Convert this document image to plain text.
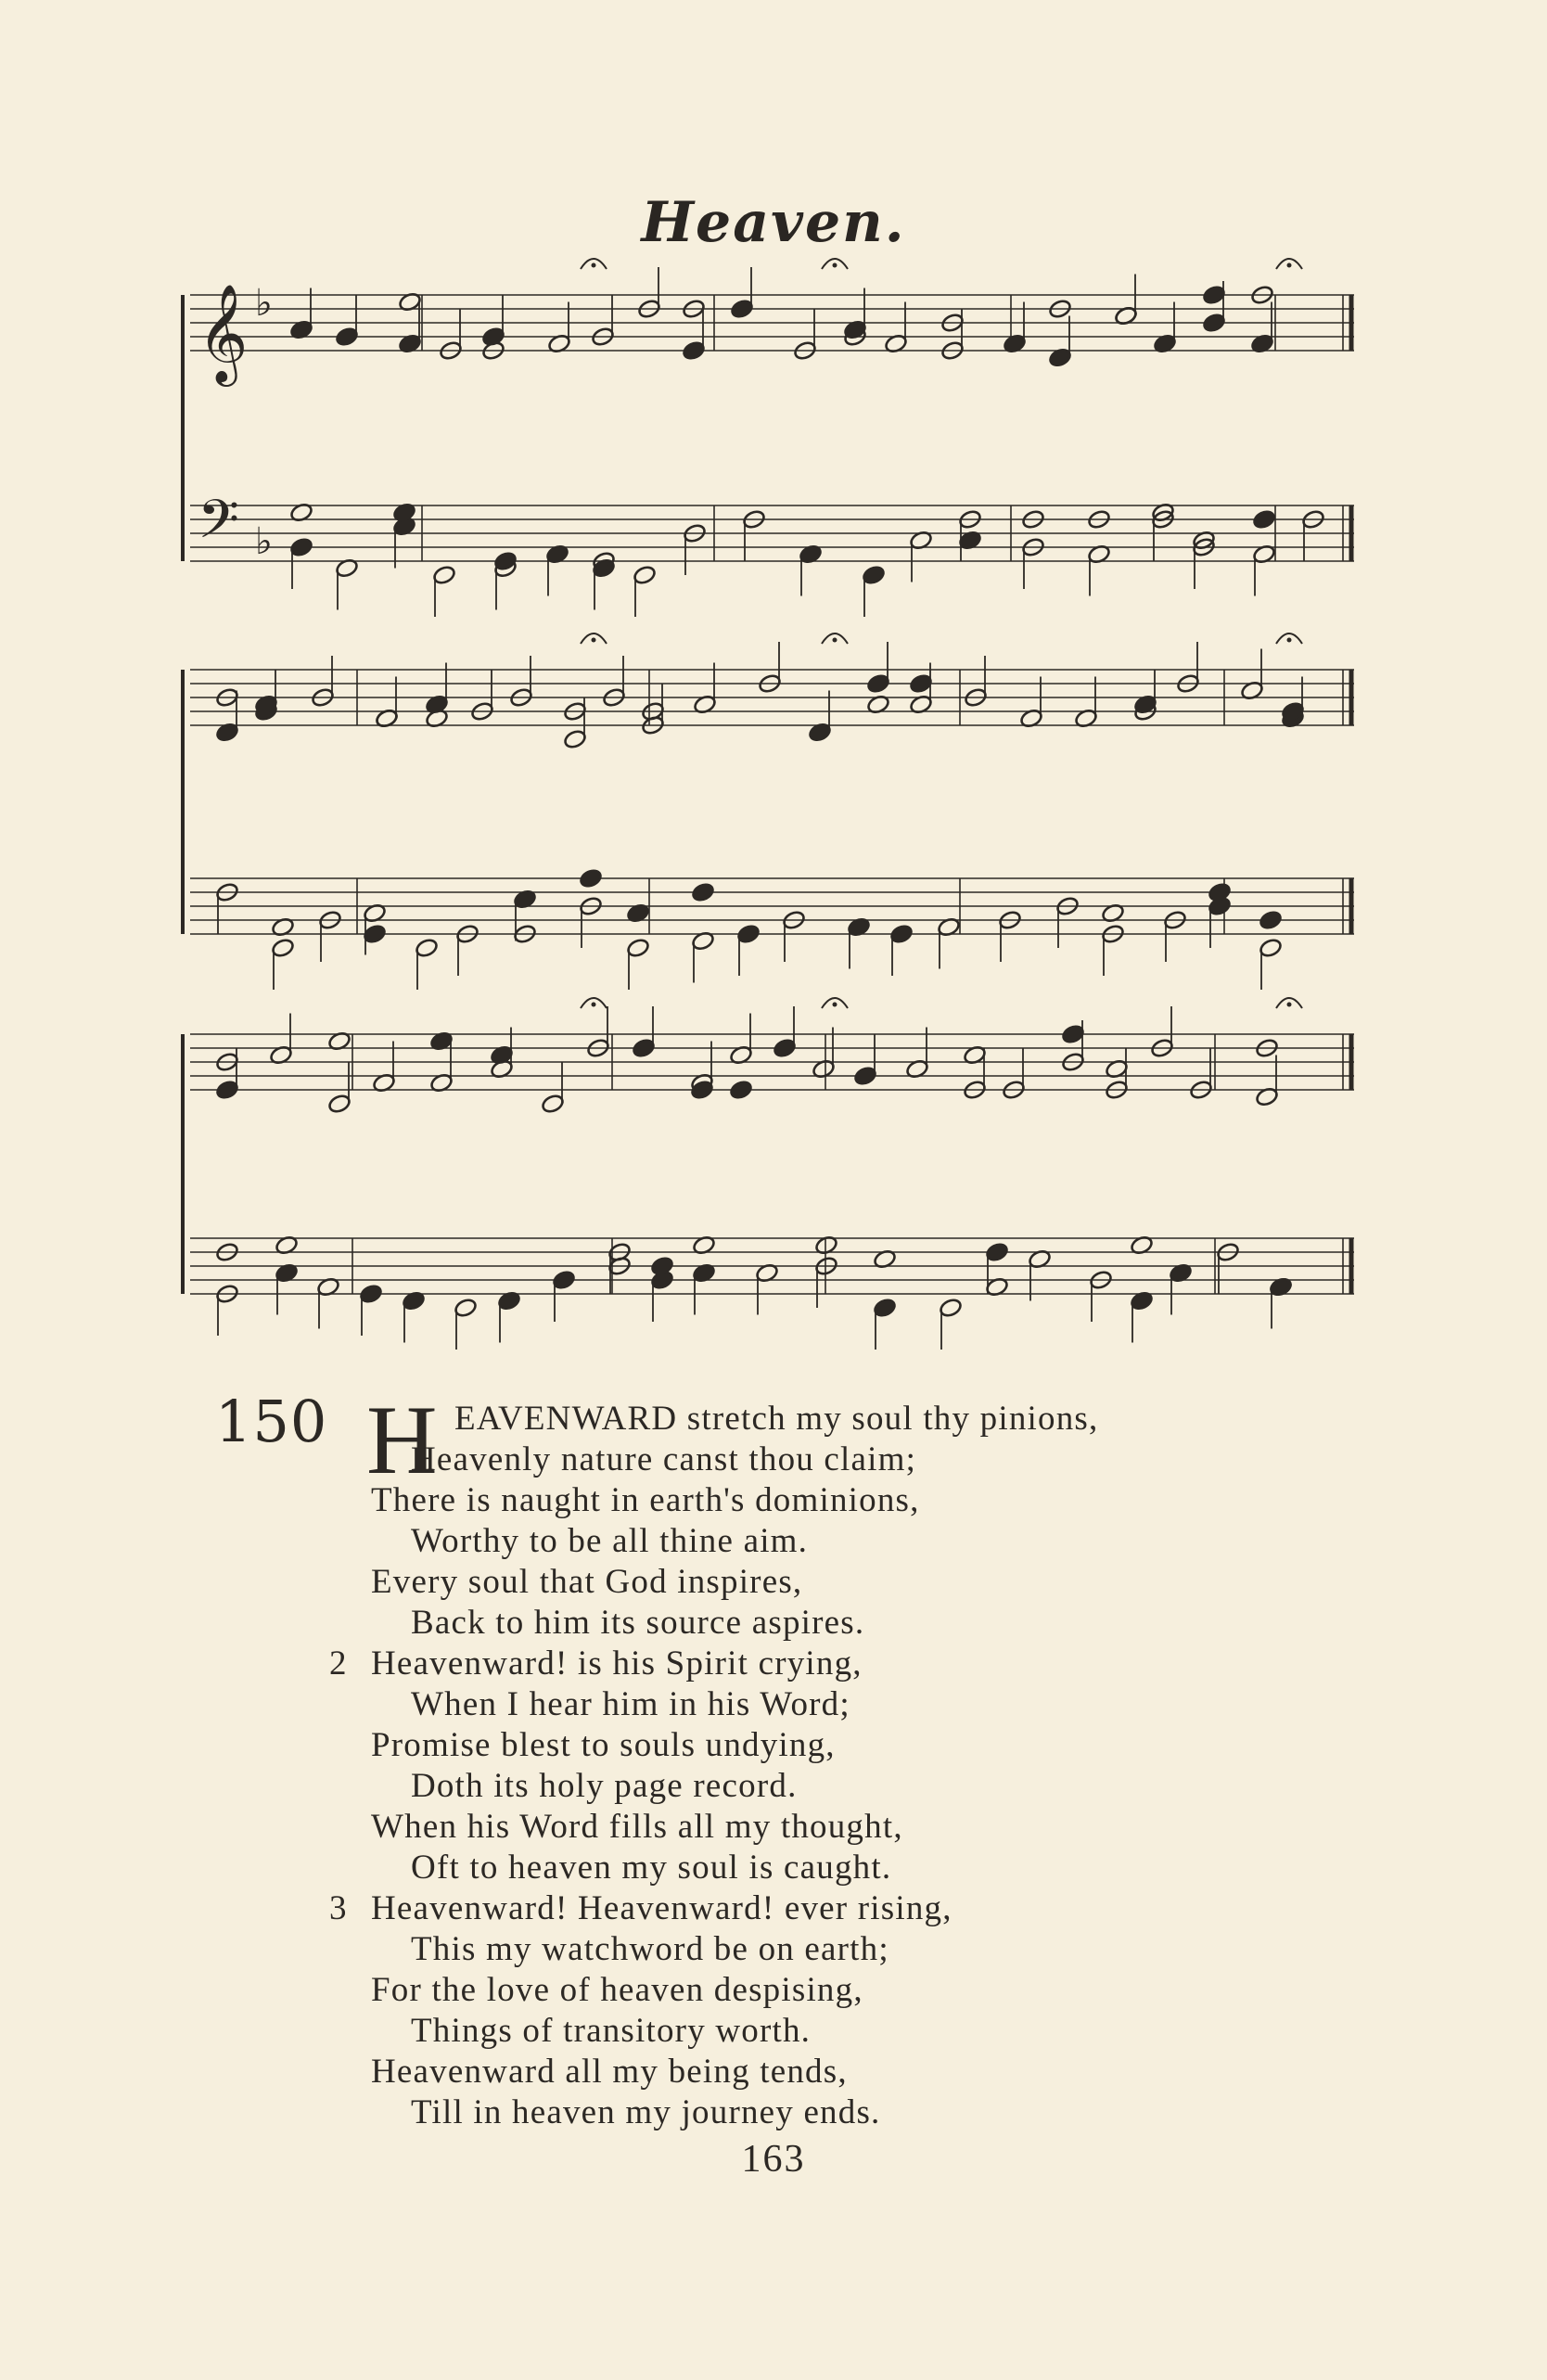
Heaven.
𝄞 ♭
𝄢 ♭
150 H EAVENWARD stretch my soul thy pinions,
Heavenly nature canst thou claim;
There is naught in earth's dominions,
Worthy to be all thine aim.
Every soul that God inspires,
Back to him its source aspires.
2 Heavenward! is his Spirit crying,
When I hear him in his Word;
Promise blest to souls undying,
Doth its holy page record.
When his Word fills all my thought,
Oft to heaven my soul is caught.
3 Heavenward! Heavenward! ever rising,
This my watchword be on earth;
For the love of heaven despising,
Things of transitory worth.
Heavenward all my being tends,
Till in heaven my journey ends.
163
